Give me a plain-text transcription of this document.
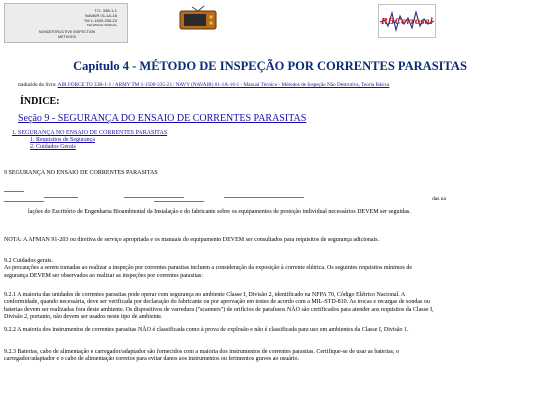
T.O. 33B-1-1
NAVAIR 01-1A-16
TM 1-1500-335-23
TECHNICAL MANUAL
NONDESTRUCTIVE INSPECTION METHODS
RBCorrosal
Capítulo 4 - MÉTODO DE INSPEÇÃO POR CORRENTES PARASITAS
traduzido do livro: AIR FORCE TO 33B-1-1 / ARMY TM 1-1500-335-23 / NAVY (NAVAIR) 01-1A-16-1 - Manual Técnico - Métodos de Inspeção Não Destrutiva, Teoria Básica
ÍNDICE:
Seção 9 - SEGURANÇA DO ENSAIO DE CORRENTES PARASITAS
1. SEGURANÇA NO ENSAIO DE CORRENTES PARASITAS
1. Requisitos de Segurança
2. Cuidados Gerais
9 SEGURANÇA NO ENSAIO DE CORRENTES PARASITAS
das na
lações do Escritório de Engenharia Bioambiental da Instalação e do fabricante sobre os equipamentos de proteção individual necessários DEVEM ser seguidas.
NOTA: A AFMAN 91-203 ou diretiva de serviço apropriada e os manuais do equipamento DEVEM ser consultados para requisitos de segurança adicionais.
9.2 Cuidados gerais.
As precauções a serem tomadas ao realizar a inspeção por correntes parasitas incluem a consideração da exposição à corrente elétrica. Os seguintes requisitos mínimos de segurança DEVEM ser observados ao realizar as inspeções por correntes parasitas:
9.2.1 A maioria das unidades de correntes parasitas pode operar com segurança no ambiente Classe I, Divisão 2, identificado na NFPA 70, Código Elétrico Nacional. A conformidade, quando necessária, deve ser verificada por declaração do fabricante ou por aprovação em testes de acordo com a MIL-STD-810. As trocas e recargas de sondas ou baterias devem ser realizadas fora deste ambiente. Os dispositivos de varredura ("scanners") de orifícios de parafusos NÃO são certificados para atender aos requisitos da Classe I, Divisão 2, portanto, não devem ser usados neste tipo de ambiente.
9.2.2 A maioria dos instrumentos de correntes parasitas NÃO é classificada como à prova de explosão e não é classificada para uso em ambientes da Classe I, Divisão 1.
9.2.3 Baterias, cabo de alimentação e carregador/adaptador são fornecidos com a maioria dos instrumentos de correntes parasitas. Certifique-se de usar as baterias, o carregador/adaptador e o cabo de alimentação corretos para evitar danos aos instrumentos ou ferimentos graves ao usuário.
